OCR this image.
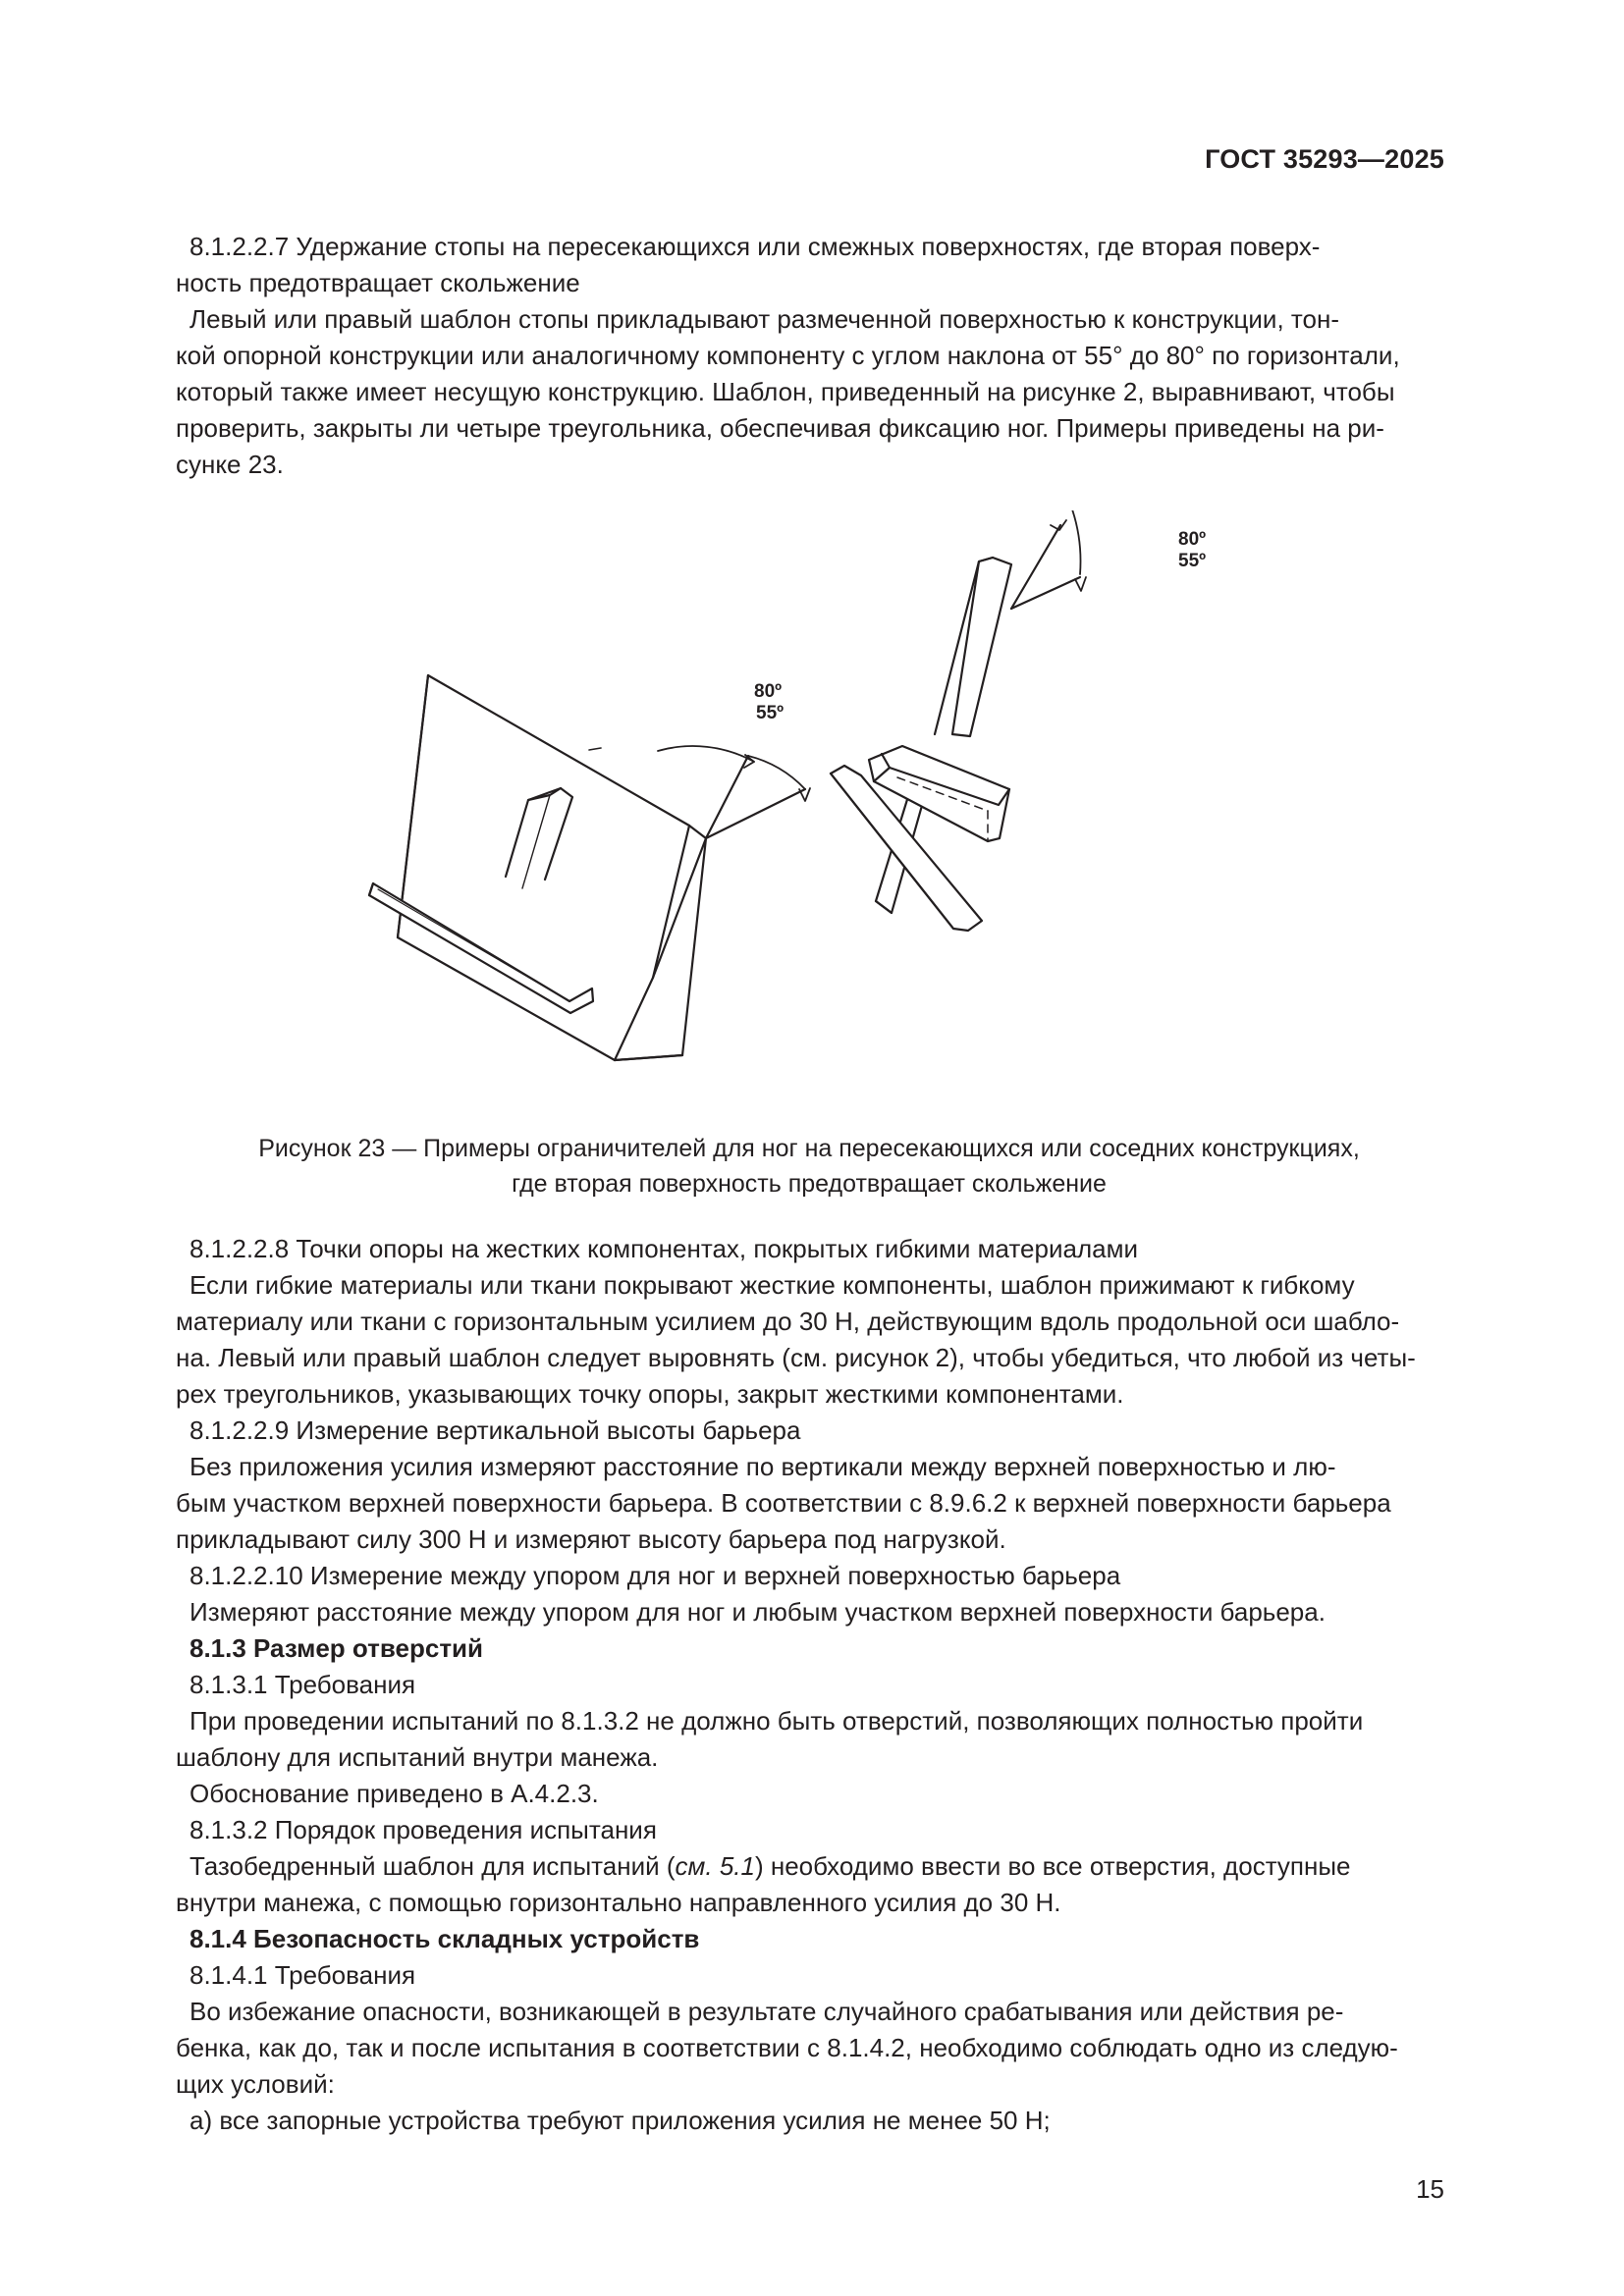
ГОСТ 35293—2025
8.1.2.2.7 Удержание стопы на пересекающихся или смежных поверхностях, где вторая поверх-
ность предотвращает скольжение
Левый или правый шаблон стопы прикладывают размеченной поверхностью к конструкции, тон-
кой опорной конструкции или аналогичному компоненту с углом наклона от 55° до 80° по горизонтали,
который также имеет несущую конструкцию. Шаблон, приведенный на рисунке 2, выравнивают, чтобы
проверить, закрыты ли четыре треугольника, обеспечивая фиксацию ног. Примеры приведены на ри-
сунке 23.
80º
55º
80º
55º
Рисунок 23 — Примеры ограничителей для ног на пересекающихся или соседних конструкциях,
где вторая поверхность предотвращает скольжение
8.1.2.2.8 Точки опоры на жестких компонентах, покрытых гибкими материалами
Если гибкие материалы или ткани покрывают жесткие компоненты, шаблон прижимают к гибкому
материалу или ткани с горизонтальным усилием до 30 Н, действующим вдоль продольной оси шабло-
на. Левый или правый шаблон следует выровнять (см. рисунок 2), чтобы убедиться, что любой из четы-
рех треугольников, указывающих точку опоры, закрыт жесткими компонентами.
8.1.2.2.9 Измерение вертикальной высоты барьера
Без приложения усилия измеряют расстояние по вертикали между верхней поверхностью и лю-
бым участком верхней поверхности барьера. В соответствии с 8.9.6.2 к верхней поверхности барьера
прикладывают силу 300 Н и измеряют высоту барьера под нагрузкой.
8.1.2.2.10 Измерение между упором для ног и верхней поверхностью барьера
Измеряют расстояние между упором для ног и любым участком верхней поверхности барьера.
8.1.3 Размер отверстий
8.1.3.1 Требования
При проведении испытаний по 8.1.3.2 не должно быть отверстий, позволяющих полностью пройти
шаблону для испытаний внутри манежа.
Обоснование приведено в А.4.2.3.
8.1.3.2 Порядок проведения испытания
Тазобедренный шаблон для испытаний (см. 5.1) необходимо ввести во все отверстия, доступные
внутри манежа, с помощью горизонтально направленного усилия до 30 Н.
8.1.4 Безопасность складных устройств
8.1.4.1 Требования
Во избежание опасности, возникающей в результате случайного срабатывания или действия ре-
бенка, как до, так и после испытания в соответствии с 8.1.4.2, необходимо соблюдать одно из следую-
щих условий:
а) все запорные устройства требуют приложения усилия не менее 50 Н;
15
